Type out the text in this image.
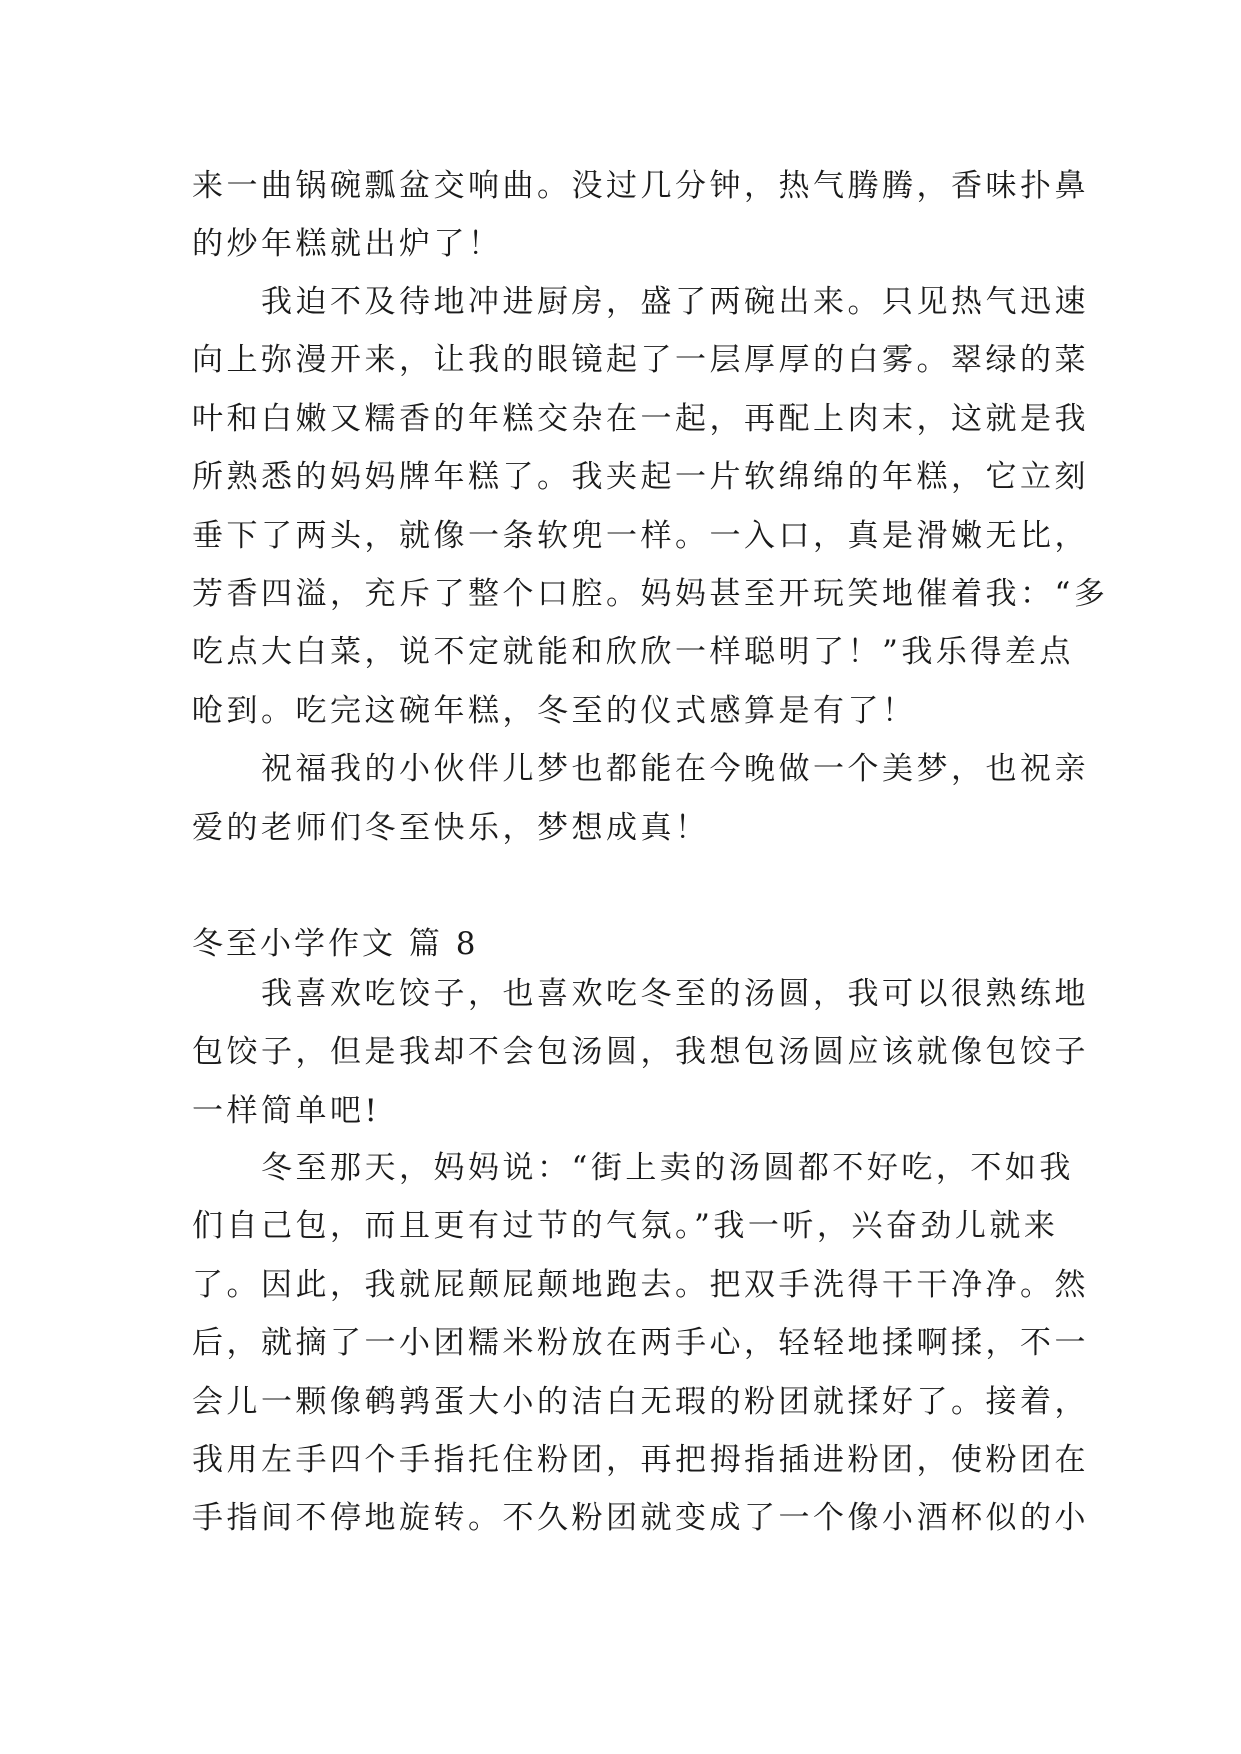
来一曲锅碗瓢盆交响曲。没过几分钟，热气腾腾，香味扑鼻
的炒年糕就出炉了！
　　我迫不及待地冲进厨房，盛了两碗出来。只见热气迅速
向上弥漫开来，让我的眼镜起了一层厚厚的白雾。翠绿的菜
叶和白嫩又糯香的年糕交杂在一起，再配上肉末，这就是我
所熟悉的妈妈牌年糕了。我夹起一片软绵绵的年糕，它立刻
垂下了两头，就像一条软兜一样。一入口，真是滑嫩无比，
芳香四溢，充斥了整个口腔。妈妈甚至开玩笑地催着我：“多
吃点大白菜，说不定就能和欣欣一样聪明了！”我乐得差点
呛到。吃完这碗年糕，冬至的仪式感算是有了！
　　祝福我的小伙伴儿梦也都能在今晚做一个美梦，也祝亲
爱的老师们冬至快乐，梦想成真！
冬至小学作文 篇 8
　　我喜欢吃饺子，也喜欢吃冬至的汤圆，我可以很熟练地
包饺子，但是我却不会包汤圆，我想包汤圆应该就像包饺子
一样简单吧!
　　冬至那天，妈妈说：“街上卖的汤圆都不好吃，不如我
们自己包，而且更有过节的气氛。”我一听，兴奋劲儿就来
了。因此，我就屁颠屁颠地跑去。把双手洗得干干净净。然
后，就摘了一小团糯米粉放在两手心，轻轻地揉啊揉，不一
会儿一颗像鹌鹑蛋大小的洁白无瑕的粉团就揉好了。接着，
我用左手四个手指托住粉团，再把拇指插进粉团，使粉团在
手指间不停地旋转。不久粉团就变成了一个像小酒杯似的小
